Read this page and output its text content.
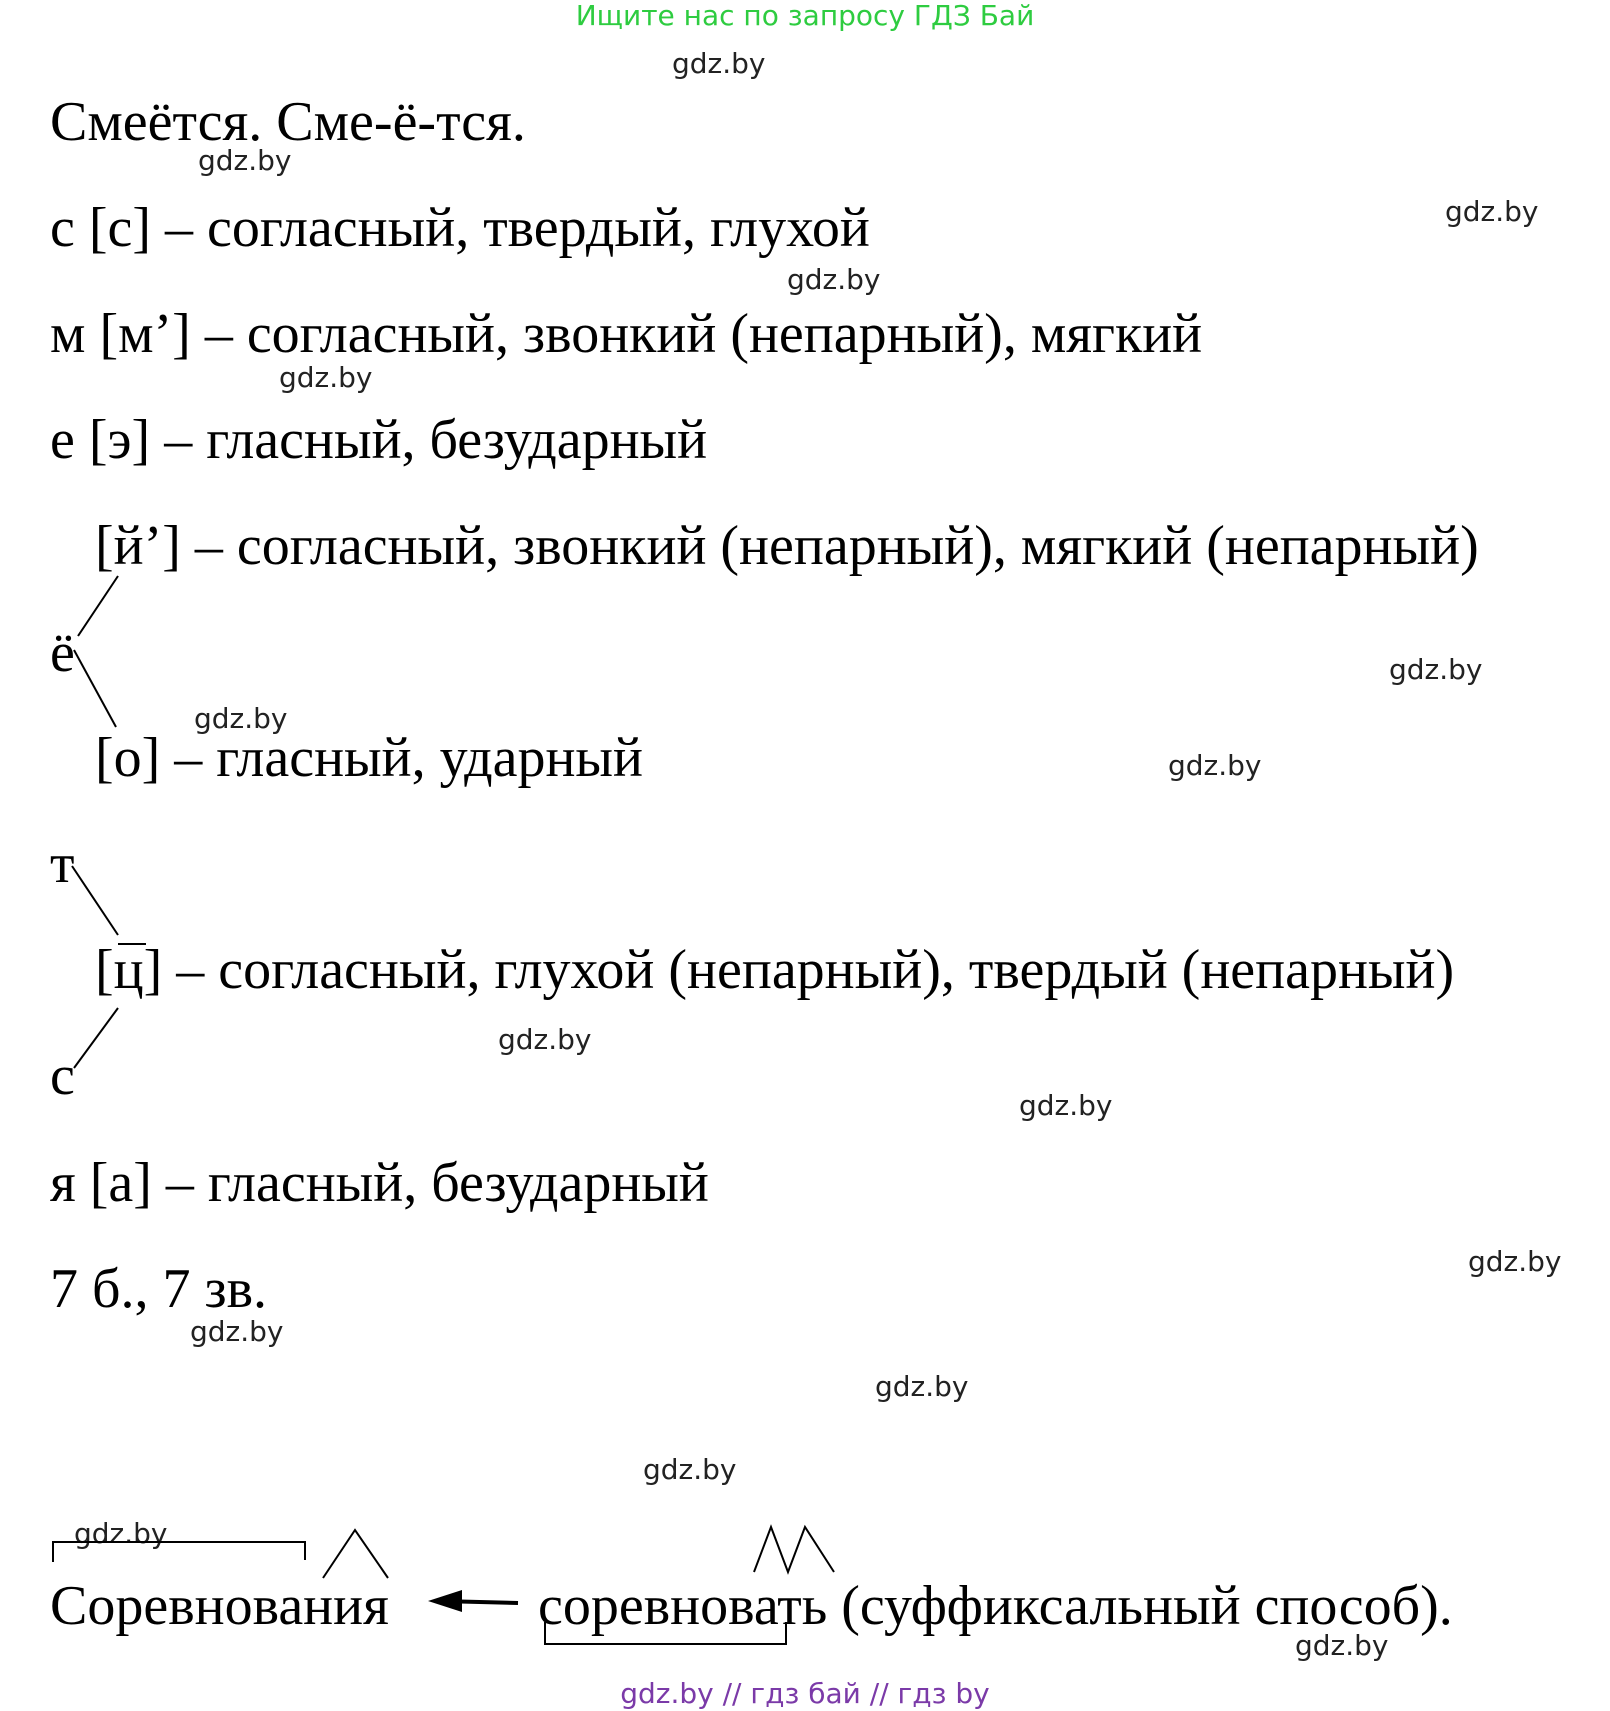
Ищите нас по запросу ГДЗ Бай
Смеётся. Сме-ё-тся.
с [с] – согласный, твердый, глухой
м [м’] – согласный, звонкий (непарный), мягкий
е [э] – гласный, безударный
[й’] – согласный, звонкий (непарный), мягкий (непарный)
ё
[о] – гласный, ударный
т
[ц] – согласный, глухой (непарный), твердый (непарный)
с
я [а] – гласный, безударный
7 б., 7 зв.
Соревнования	соревновать (суффиксальный способ).
gdz.by
gdz.by
gdz.by
gdz.by
gdz.by
gdz.by
gdz.by
gdz.by
gdz.by
gdz.by
gdz.by
gdz.by
gdz.by
gdz.by
gdz.by
gdz.by
gdz.by // гдз бай // гдз by
